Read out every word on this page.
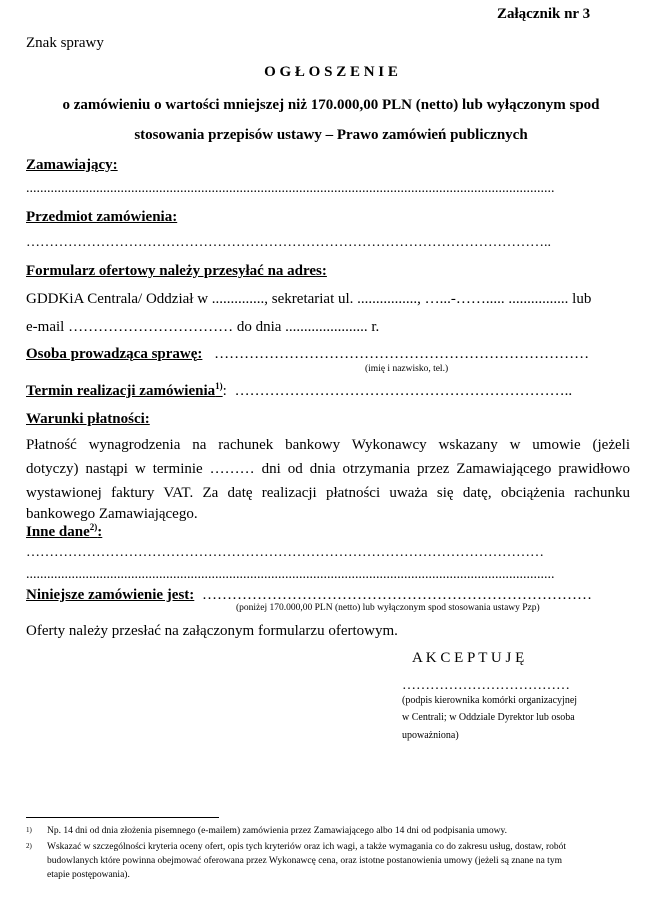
Załącznik nr 3
Znak sprawy
O G Ł O S Z E N I E
o zamówieniu o wartości mniejszej niż 170.000,00 PLN (netto) lub wyłączonym spod
stosowania przepisów ustawy – Prawo zamówień publicznych
Zamawiający:
.......................................................................................................................................................
Przedmiot zamówienia:
…………………………………………………………………………………………………..
Formularz ofertowy należy przesyłać na adres:
GDDKiA Centrala/ Oddział w .............., sekretariat ul. ................, …...-……..... ................ lub
e-mail …………………………… do dnia ...................... r.
Osoba prowadząca sprawę: …………………………………………………………………
(imię i nazwisko, tel.)
Termin realizacji zamówienia$^{1)}$: …………………………………………………………..
Warunki płatności:
Płatność wynagrodzenia na rachunek bankowy Wykonawcy wskazany w umowie (jeżeli
dotyczy) nastąpi w terminie ……… dni od dnia otrzymania przez Zamawiającego prawidłowo
wystawionej faktury VAT. Za datę realizacji płatności uważa się datę, obciążenia rachunku
bankowego Zamawiającego.
Inne dane$^{2)}$:
…………………………………………………………………………………………………
.......................................................................................................................................................
Niniejsze zamówienie jest: ……………………………………………………………………
(poniżej 170.000,00 PLN (netto) lub wyłączonym spod stosowania ustawy Pzp)
Oferty należy przesłać na załączonym formularzu ofertowym.
A K C E P T U J Ę
………………………………
(podpis kierownika komórki organizacyjnej
w Centrali; w Oddziale Dyrektor lub osoba
upoważniona)
1) Np. 14 dni od dnia złożenia pisemnego (e-mailem) zamówienia przez Zamawiającego albo 14 dni od podpisania umowy.
2) Wskazać w szczególności kryteria oceny ofert, opis tych kryteriów oraz ich wagi, a także wymagania co do zakresu usług, dostaw, robót
budowlanych które powinna obejmować oferowana przez Wykonawcę cena, oraz istotne postanowienia umowy (jeżeli są znane na tym
etapie postępowania).
